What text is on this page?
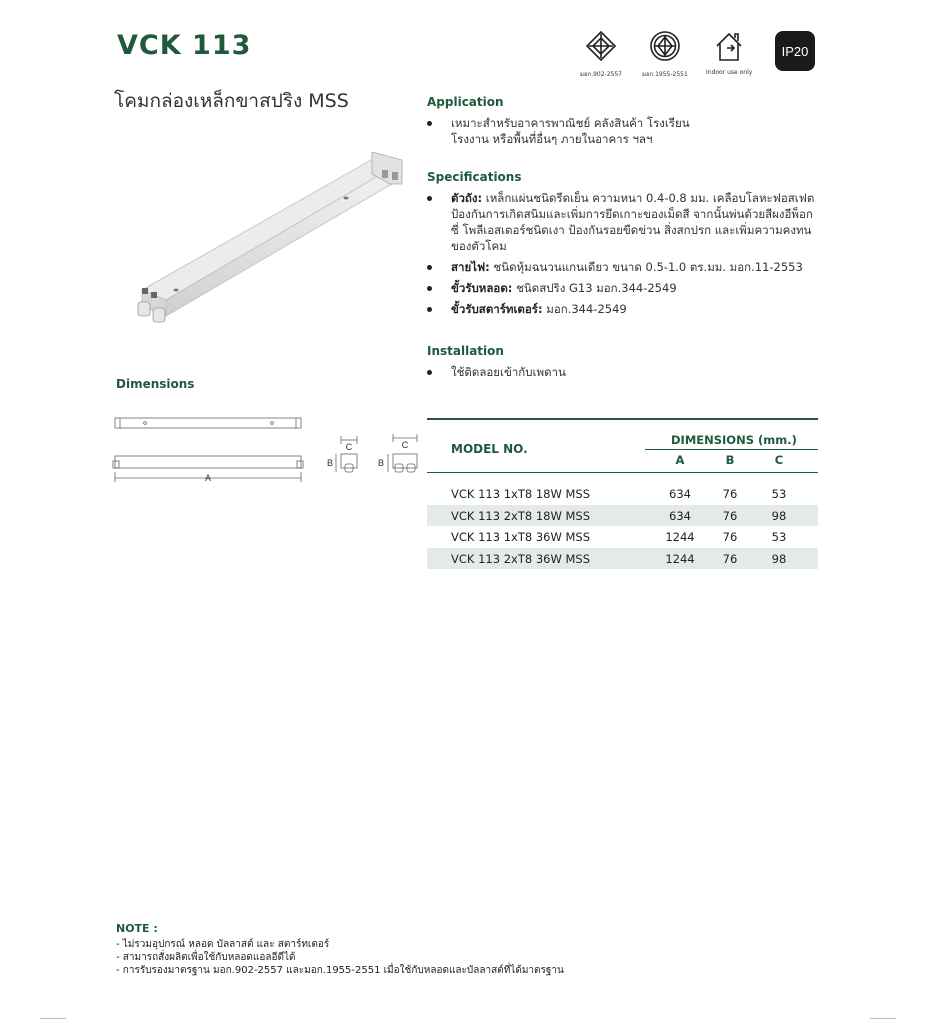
VCK 113
โคมกล่องเหล็กขาสปริง MSS
มอก.902-2557	มอก.1955-2551	Indoor use only
IP20
Application
เหมาะสำหรับอาคารพาณิชย์ คลังสินค้า โรงเรียน โรงงาน หรือพื้นที่อื่นๆ ภายในอาคาร ฯลฯ
Specifications
ตัวถัง: เหล็กแผ่นชนิดรีดเย็น ความหนา 0.4-0.8 มม. เคลือบโลหะฟอสเฟต ป้องกันการเกิดสนิมและเพิ่มการยึดเกาะของเม็ดสี จากนั้นพ่นด้วยสีผงอีพ็อกซี่ โพลีเอสเตอร์ชนิดเงา ป้องกันรอยขีดข่วน สิ่งสกปรก และเพิ่มความคงทนของตัวโคม
สายไฟ: ชนิดหุ้มฉนวนแกนเดียว ขนาด 0.5-1.0 ตร.มม. มอก.11-2553
ขั้วรับหลอด: ชนิดสปริง G13 มอก.344-2549
ขั้วรับสตาร์ทเตอร์: มอก.344-2549
Installation
ใช้ติดลอยเข้ากับเพดาน
Dimensions
A
C
B
C
B
MODEL NO.
DIMENSIONS (mm.)
A	B	C
VCK 113 1xT8 18W MSS	634	76	53
VCK 113 2xT8 18W MSS	634	76	98
VCK 113 1xT8 36W MSS	1244	76	53
VCK 113 2xT8 36W MSS	1244	76	98
NOTE :
- ไม่รวมอุปกรณ์ หลอด บัลลาสต์ และ สตาร์ทเตอร์
- สามารถสั่งผลิตเพื่อใช้กับหลอดแอลอีดีได้
- การรับรองมาตรฐาน มอก.902-2557 และมอก.1955-2551 เมื่อใช้กับหลอดและบัลลาสต์ที่ได้มาตรฐาน
